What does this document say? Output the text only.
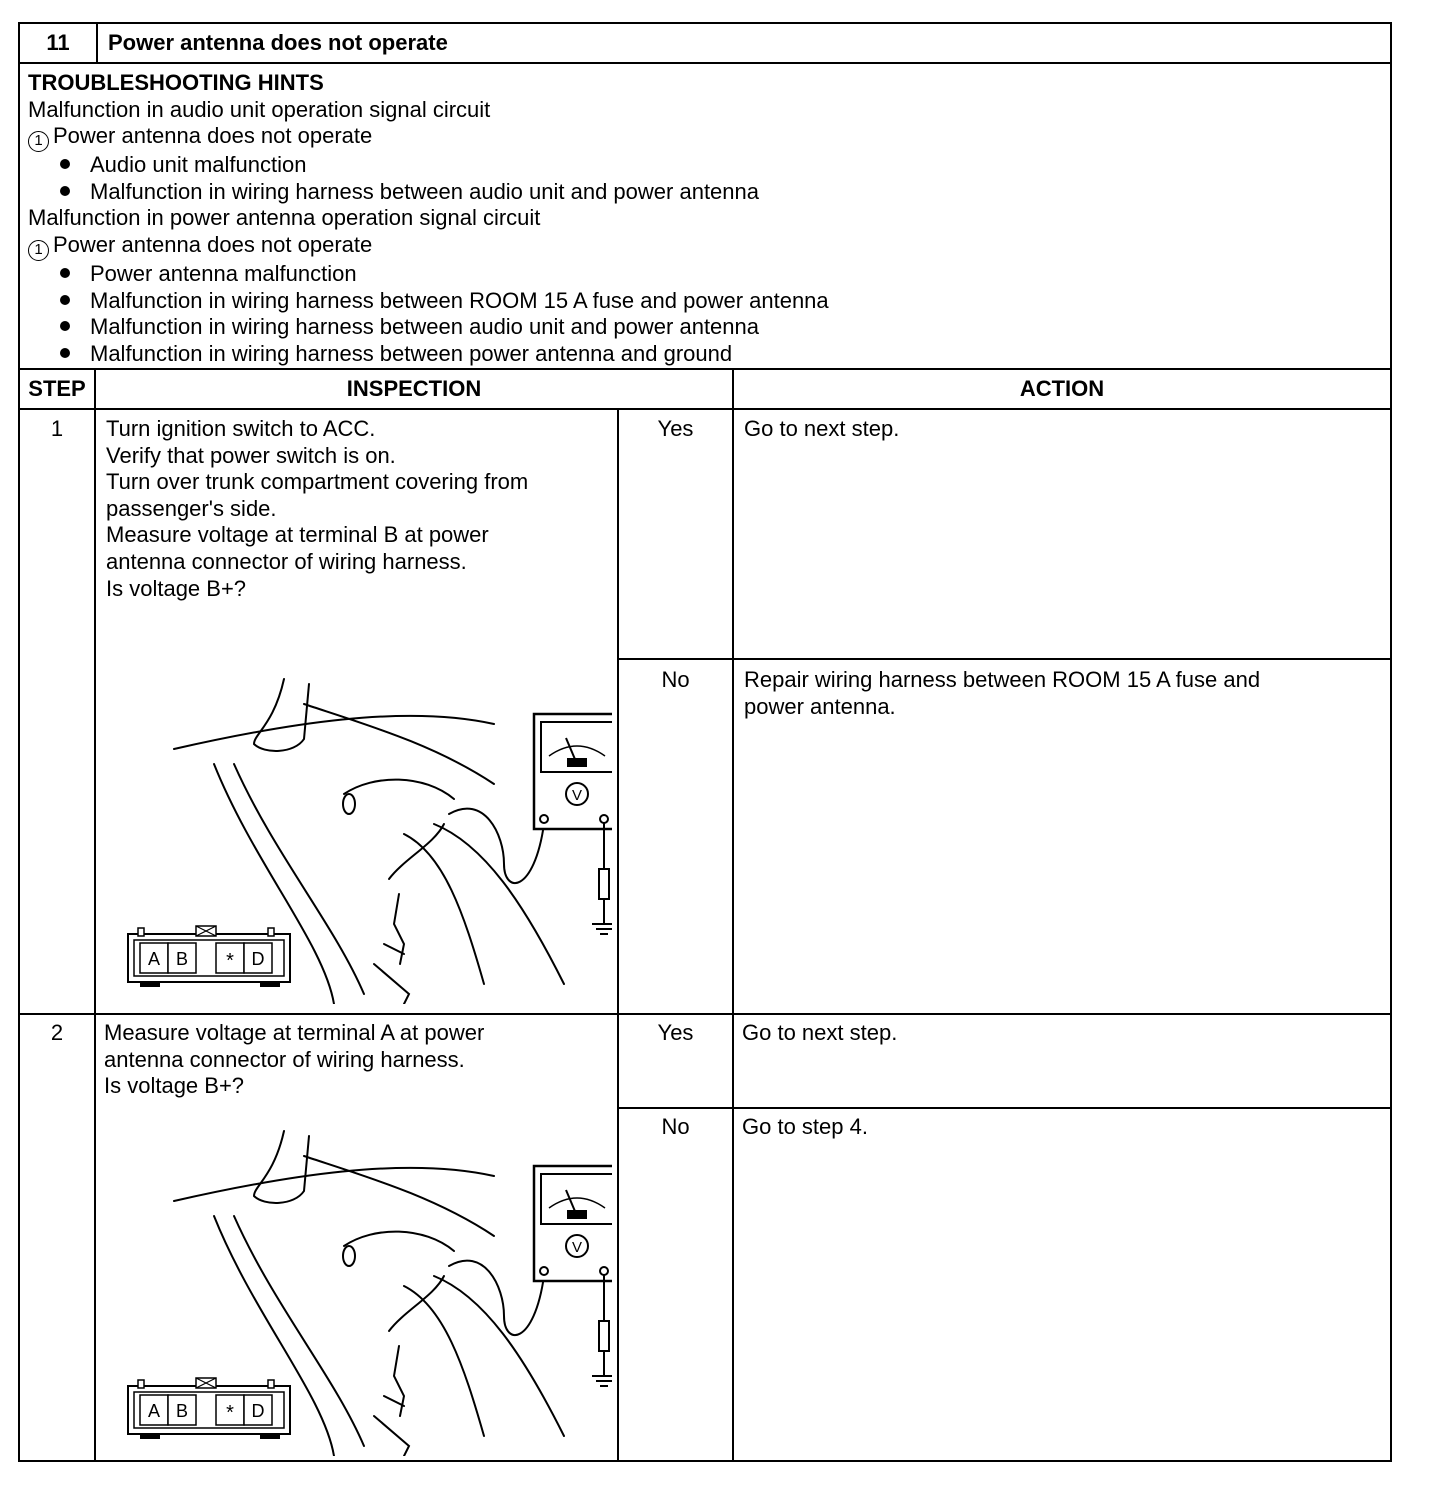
11	Power antenna does not operate
TROUBLESHOOTING HINTS
Malfunction in audio unit operation signal circuit
1 Power antenna does not operate
Audio unit malfunction
Malfunction in wiring harness between audio unit and power antenna
Malfunction in power antenna operation signal circuit
1 Power antenna does not operate
Power antenna malfunction
Malfunction in wiring harness between ROOM 15 A fuse and power antenna
Malfunction in wiring harness between audio unit and power antenna
Malfunction in wiring harness between power antenna and ground
STEP	INSPECTION	ACTION
1	Turn ignition switch to ACC.
Verify that power switch is on.
Turn over trunk compartment covering from
passenger's side.
Measure voltage at terminal B at power
antenna connector of wiring harness.
Is voltage B+?
Yes	Go to next step.
No	Repair wiring harness between ROOM 15 A fuse and
power antenna.
V
A B * D
2	Measure voltage at terminal A at power
antenna connector of wiring harness.
Is voltage B+?
Yes	Go to next step.
No	Go to step 4.
V
A B * D
